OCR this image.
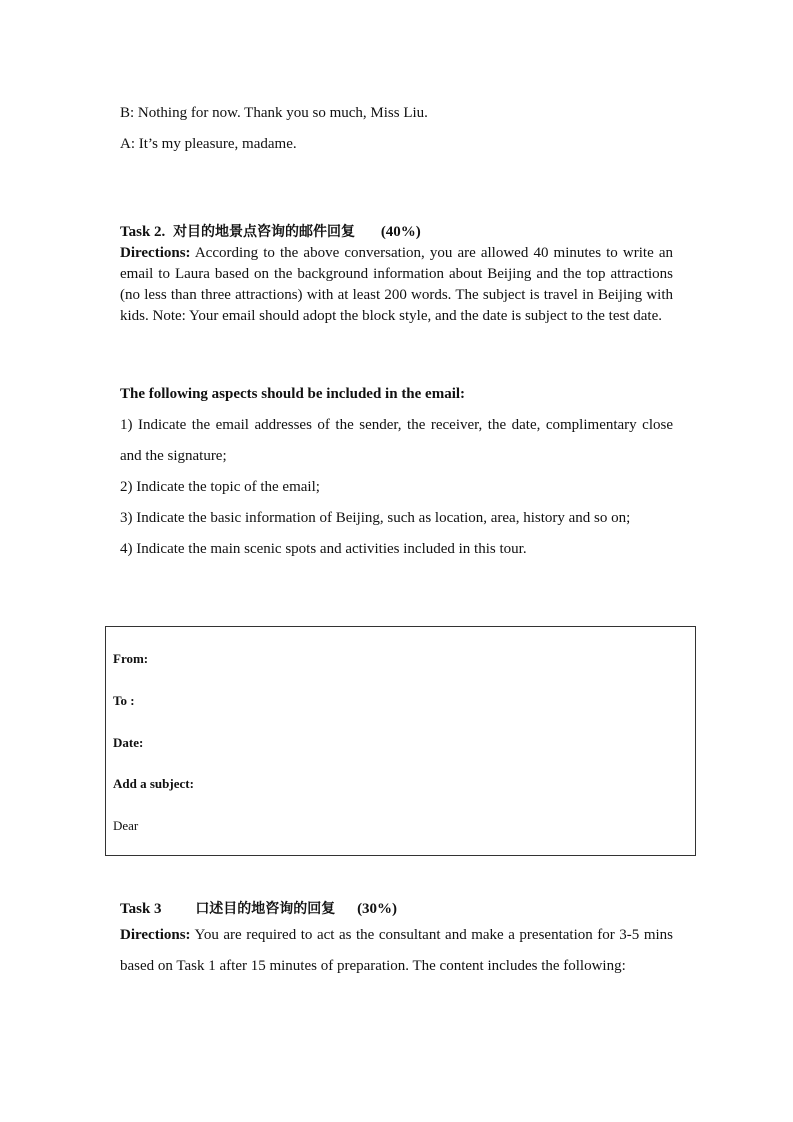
B: Nothing for now. Thank you so much, Miss Liu.
A: It’s my pleasure, madame.
Task 2. 对目的地景点咨询的邮件回复 (40%)
Directions: According to the above conversation, you are allowed 40 minutes to write an email to Laura based on the background information about Beijing and the top attractions (no less than three attractions) with at least 200 words. The subject is travel in Beijing with kids. Note: Your email should adopt the block style, and the date is subject to the test date.
The following aspects should be included in the email:
1) Indicate the email addresses of the sender, the receiver, the date, complimentary close and the signature;
2) Indicate the topic of the email;
3) Indicate the basic information of Beijing, such as location, area, history and so on;
4) Indicate the main scenic spots and activities included in this tour.
From:
To :
Date:
Add a subject:
Dear
Task 3 口述目的地咨询的回复 (30%)
Directions: You are required to act as the consultant and make a presentation for 3-5 mins based on Task 1 after 15 minutes of preparation. The content includes the following:
